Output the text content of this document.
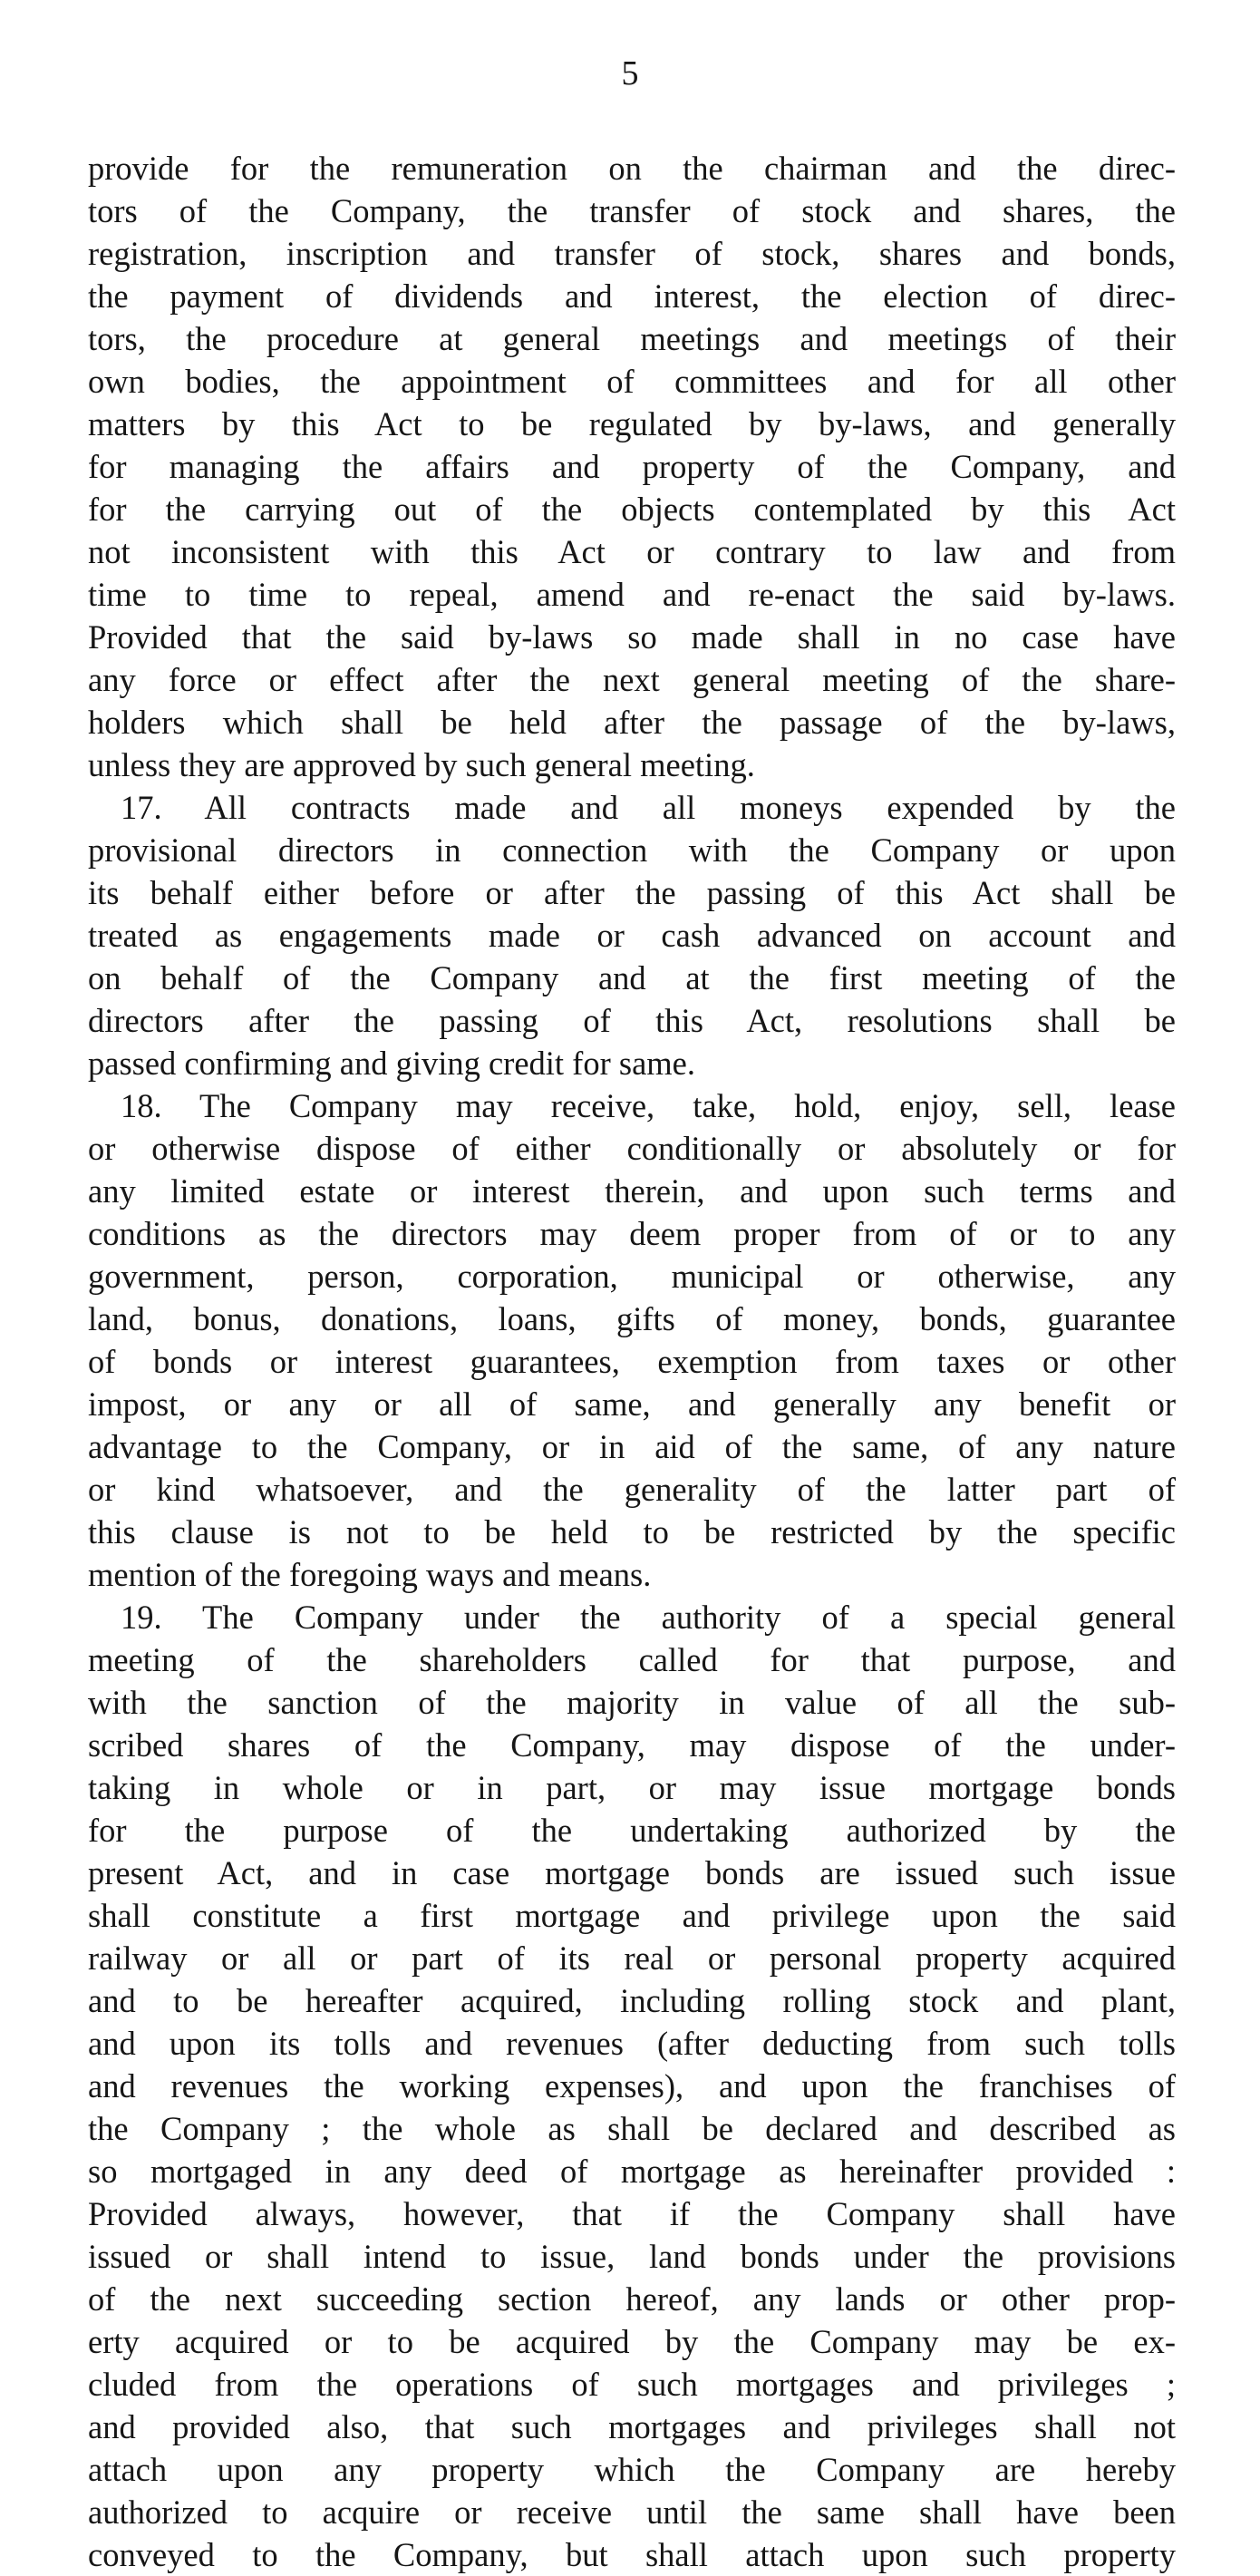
5
provide for the remuneration on the chairman and the direc-
tors of the Company, the transfer of stock and shares, the
registration, inscription and transfer of stock, shares and bonds,
the payment of dividends and interest, the election of direc-
tors, the procedure at general meetings and meetings of their
own bodies, the appointment of committees and for all other
matters by this Act to be regulated by by-laws, and generally
for managing the affairs and property of the Company, and
for the carrying out of the objects contemplated by this Act
not inconsistent with this Act or contrary to law and from
time to time to repeal, amend and re-enact the said by-laws.
Provided that the said by-laws so made shall in no case have
any force or effect after the next general meeting of the share-
holders which shall be held after the passage of the by-laws,
unless they are approved by such general meeting.
17. All contracts made and all moneys expended by the
provisional directors in connection with the Company or upon
its behalf either before or after the passing of this Act shall be
treated as engagements made or cash advanced on account and
on behalf of the Company and at the first meeting of the
directors after the passing of this Act, resolutions shall be
passed confirming and giving credit for same.
18. The Company may receive, take, hold, enjoy, sell, lease
or otherwise dispose of either conditionally or absolutely or for
any limited estate or interest therein, and upon such terms and
conditions as the directors may deem proper from of or to any
government, person, corporation, municipal or otherwise, any
land, bonus, donations, loans, gifts of money, bonds, guarantee
of bonds or interest guarantees, exemption from taxes or other
impost, or any or all of same, and generally any benefit or
advantage to the Company, or in aid of the same, of any nature
or kind whatsoever, and the generality of the latter part of
this clause is not to be held to be restricted by the specific
mention of the foregoing ways and means.
19. The Company under the authority of a special general
meeting of the shareholders called for that purpose, and
with the sanction of the majority in value of all the sub-
scribed shares of the Company, may dispose of the under-
taking in whole or in part, or may issue mortgage bonds
for the purpose of the undertaking authorized by the
present Act, and in case mortgage bonds are issued such issue
shall constitute a first mortgage and privilege upon the said
railway or all or part of its real or personal property acquired
and to be hereafter acquired, including rolling stock and plant,
and upon its tolls and revenues (after deducting from such tolls
and revenues the working expenses), and upon the franchises of
the Company ; the whole as shall be declared and described as
so mortgaged in any deed of mortgage as hereinafter provided :
Provided always, however, that if the Company shall have
issued or shall intend to issue, land bonds under the provisions
of the next succeeding section hereof, any lands or other prop-
erty acquired or to be acquired by the Company may be ex-
cluded from the operations of such mortgages and privileges ;
and provided also, that such mortgages and privileges shall not
attach upon any property which the Company are hereby
authorized to acquire or receive until the same shall have been
conveyed to the Company, but shall attach upon such property
